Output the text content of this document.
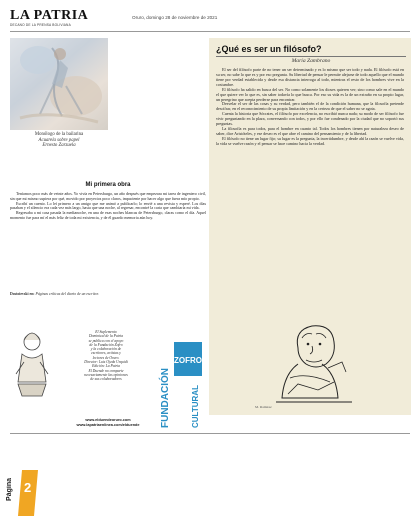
LA PATRIA
DECANO DE LA PRENSA BOLIVIANA
Oruro, domingo 28 de noviembre de 2021
Monólogo de la bailarina
Acuarela sobre papel
Ernesto Zarzuela
¿Qué es ser un filósofo?
María Zambrano

El ser del filósofo parte de no tener un ser determinado y es lo mismo que ser todo y nada. El filósofo está en su ser, no sabe lo que es y por eso pregunta. Su libertad de pensar le permite alejarse de todo aquello que el mundo tiene por verdad establecida y desde esa distancia interroga al todo, mientras el resto de los hombres vive en la costumbre.

El filósofo ha salido en busca del ser. No como solamente los dioses quieren ver; sino como sale en el mundo el que quiere ver lo que es, sin saber todavía lo que busca. Por eso su vida es la de un extraño en su propio lugar, un peregrino que acepta perderse para encontrar.

Desvelar el ser de las cosas y su verdad, pero también el de la condición humana, que la filosofía pretende descifrar, en el reconocimiento de su propia limitación y en la certeza de que el saber no se agota.

Cuenta la historia que Sócrates, el filósofo por excelencia, no escribió nunca nada; su modo de ser filósofo fue vivir preguntando en la plaza, conversando con todos, y por ello fue condenado por la ciudad que no soportó sus preguntas.

La filosofía es para todos, para el hombre en cuanto tal. Todos los hombres tienen por naturaleza deseo de saber, dice Aristóteles, y ese deseo es el que abre el camino del pensamiento y de la libertad.

El filósofo no tiene un lugar fijo; su lugar es la pregunta, la incertidumbre, y desde ahí la razón se vuelve vida, la vida se vuelve razón y el pensar se hace camino hacia la verdad.

M. Ramírez
Mi primera obra

Teníamos poco más de veinte años. Yo vivía en Petersburgo, un año después que empezara mi tarea de ingeniero civil, sin que mi mismo supiera por qué, movido por proyectos poco claros, impaciente por hacer algo que fuera mío propio.

Escribí un cuento. Lo leí primero a un amigo que me animó a publicarlo; lo envié a una revista y esperé. Los días pasaban y el silencio era cada vez más largo, hasta que una noche, al regresar, encontré la carta que cambiaría mi vida.

Regresaba a mi casa pasada la medianoche, en una de esas noches blancas de Petersburgo, claras como el día. Aquel momento fue para mí el más feliz de toda mi existencia, y de él guardo memoria aún hoy.

Dostoievski en: Páginas críticas del diario de un escritor.
El Suplemento
Dominical de la Patria
se publica con el apoyo
de la Fundación Zofro
y la colaboración de
escritores, artistas y
lectores de Oruro.
Director: Luis Ojeda Urquidi
Edición: La Patria
El Duende no comparte
necesariamente las opiniones
de sus colaboradores
www.elduendeoruro.com
www.lapatriaenlinea.com/elduende	FUNDACIÓN
ZOFRO
CULTURAL
Página 2
